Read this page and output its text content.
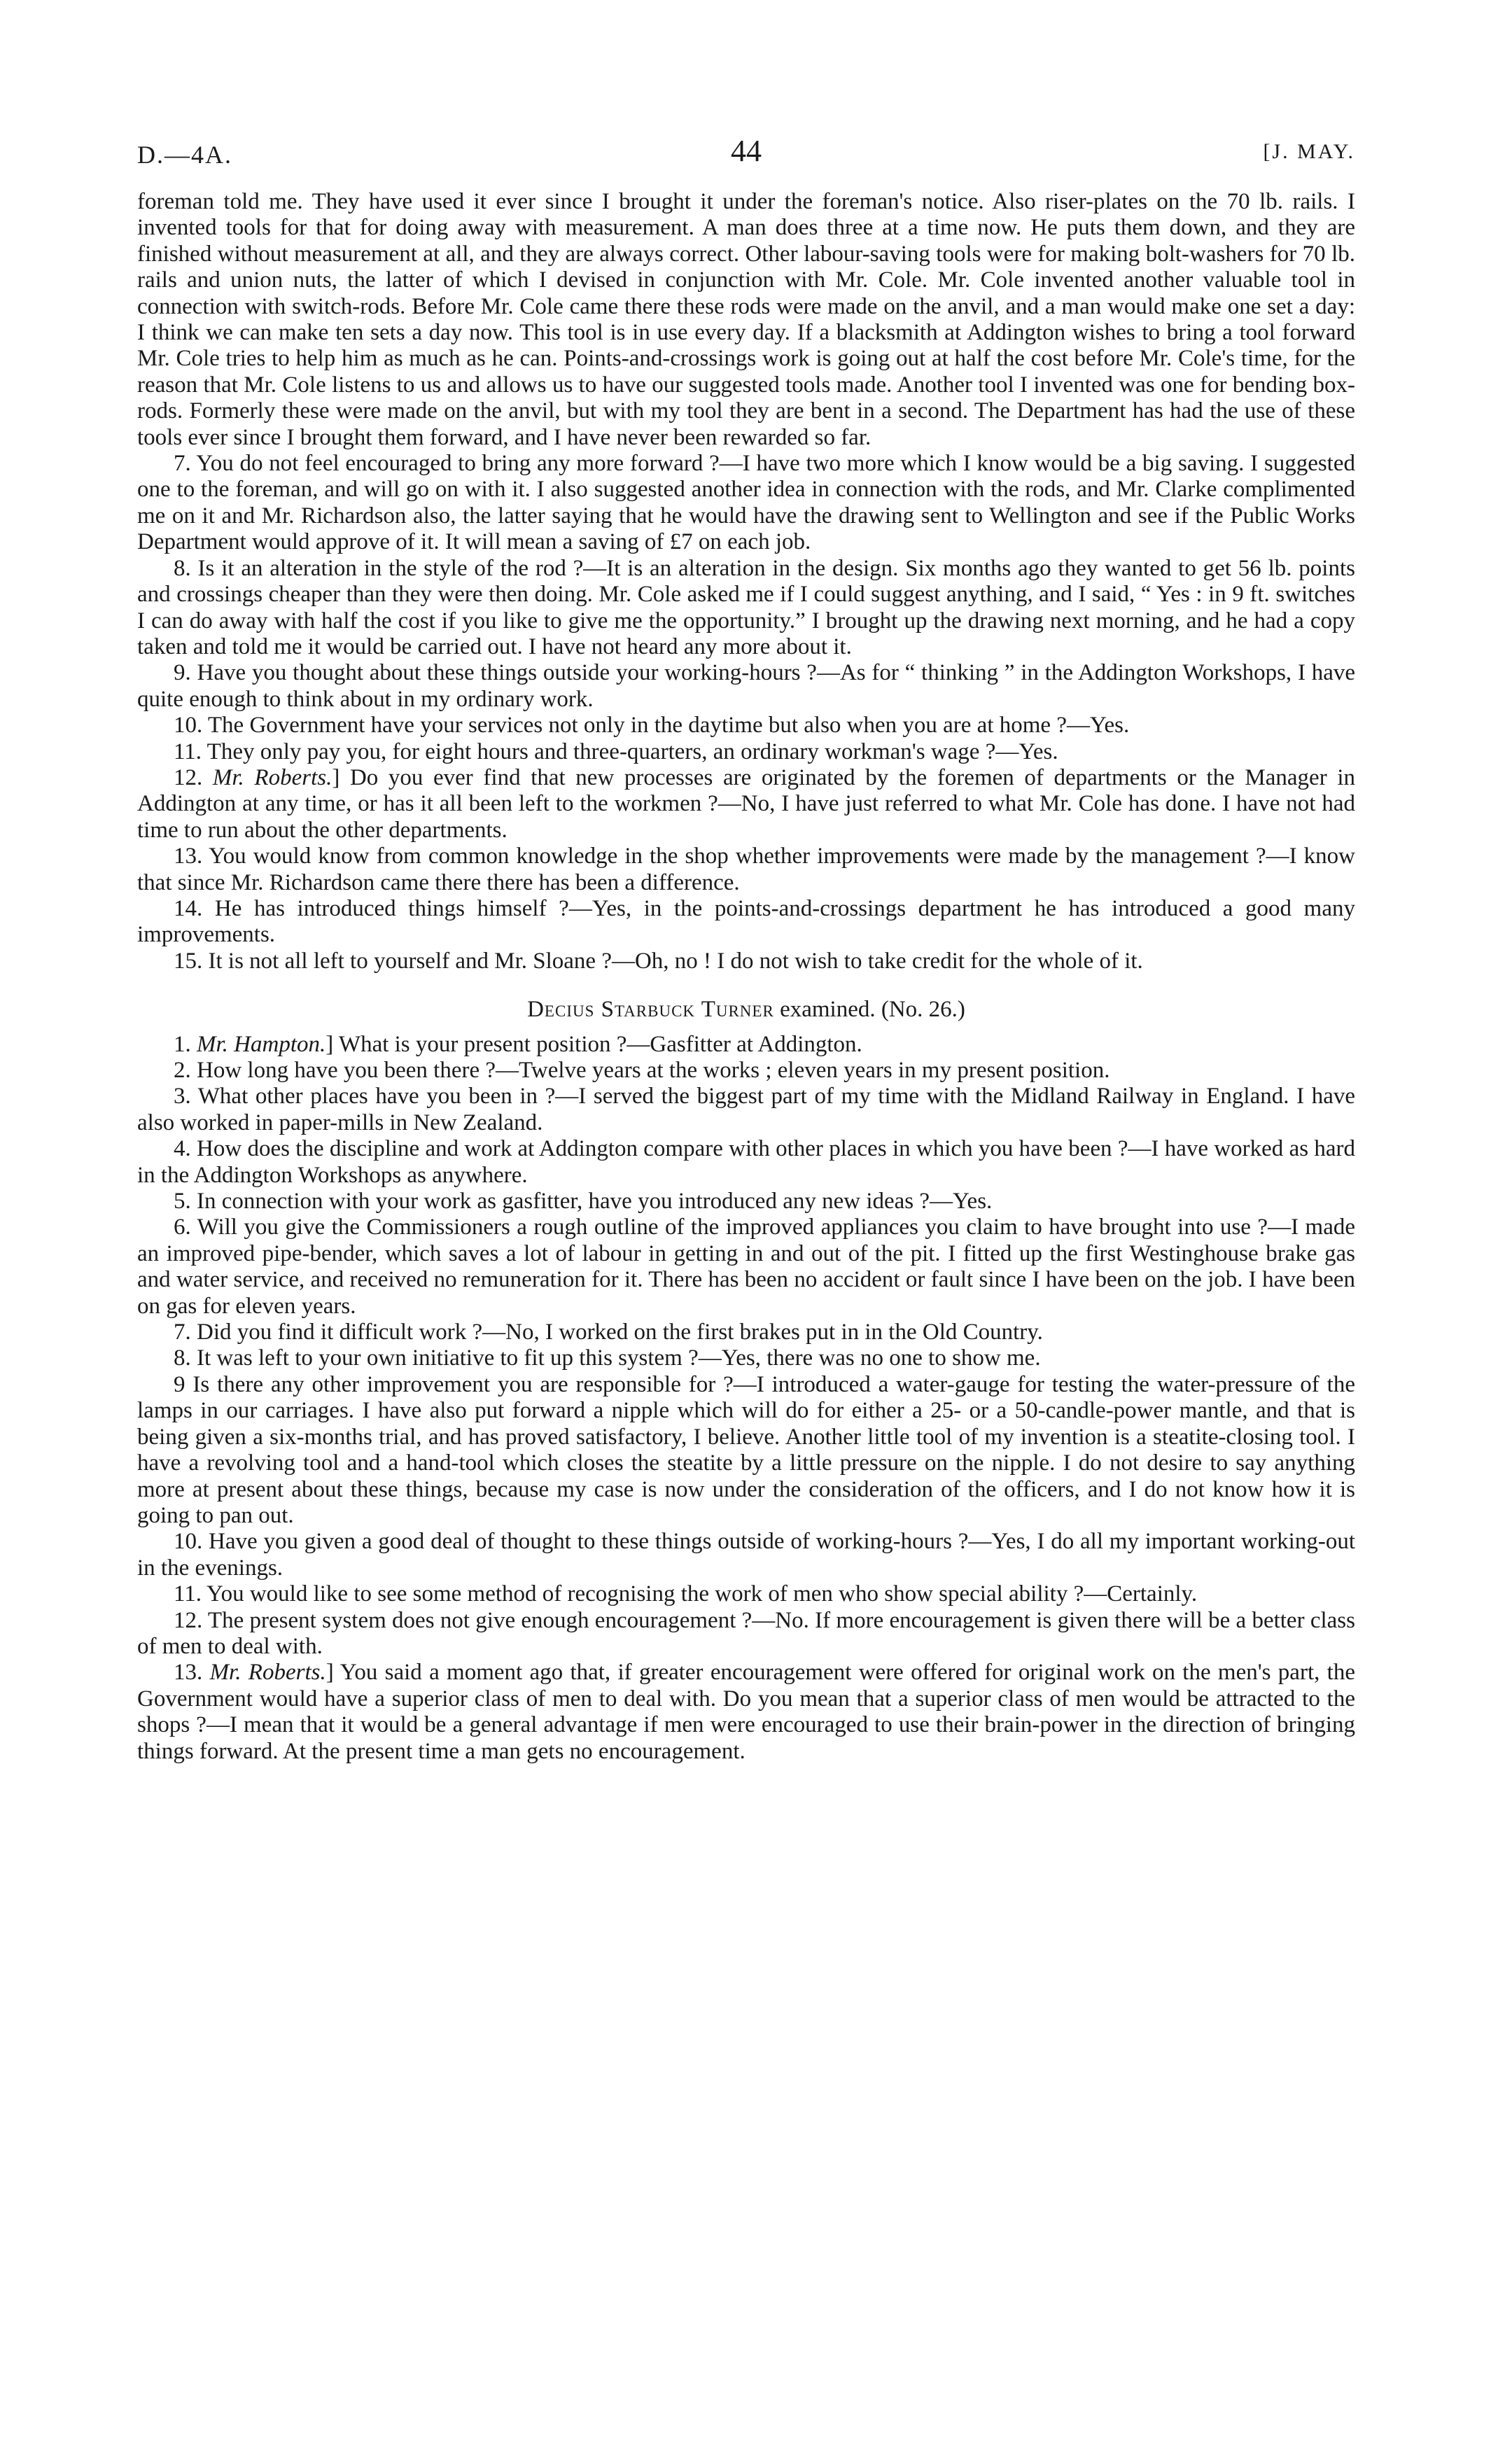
D.—4A.	44	[J. MAY.

foreman told me. They have used it ever since I brought it under the foreman's notice. Also riser-plates on the 70 lb. rails. I invented tools for that for doing away with measurement. A man does three at a time now. He puts them down, and they are finished without measurement at all, and they are always correct. Other labour-saving tools were for making bolt-washers for 70 lb. rails and union nuts, the latter of which I devised in conjunction with Mr. Cole. Mr. Cole invented another valuable tool in connection with switch-rods. Before Mr. Cole came there these rods were made on the anvil, and a man would make one set a day: I think we can make ten sets a day now. This tool is in use every day. If a blacksmith at Addington wishes to bring a tool forward Mr. Cole tries to help him as much as he can. Points-and-crossings work is going out at half the cost before Mr. Cole's time, for the reason that Mr. Cole listens to us and allows us to have our suggested tools made. Another tool I invented was one for bending box-rods. Formerly these were made on the anvil, but with my tool they are bent in a second. The Department has had the use of these tools ever since I brought them forward, and I have never been rewarded so far.

7. You do not feel encouraged to bring any more forward ?—I have two more which I know would be a big saving. I suggested one to the foreman, and will go on with it. I also suggested another idea in connection with the rods, and Mr. Clarke complimented me on it and Mr. Richardson also, the latter saying that he would have the drawing sent to Wellington and see if the Public Works Department would approve of it. It will mean a saving of £7 on each job.

8. Is it an alteration in the style of the rod ?—It is an alteration in the design. Six months ago they wanted to get 56 lb. points and crossings cheaper than they were then doing. Mr. Cole asked me if I could suggest anything, and I said, “ Yes : in 9 ft. switches I can do away with half the cost if you like to give me the opportunity.” I brought up the drawing next morning, and he had a copy taken and told me it would be carried out. I have not heard any more about it.

9. Have you thought about these things outside your working-hours ?—As for “ thinking ” in the Addington Workshops, I have quite enough to think about in my ordinary work.

10. The Government have your services not only in the daytime but also when you are at home ?—Yes.

11. They only pay you, for eight hours and three-quarters, an ordinary workman's wage ?—Yes.

12. Mr. Roberts.] Do you ever find that new processes are originated by the foremen of departments or the Manager in Addington at any time, or has it all been left to the workmen ?—No, I have just referred to what Mr. Cole has done. I have not had time to run about the other departments.

13. You would know from common knowledge in the shop whether improvements were made by the management ?—I know that since Mr. Richardson came there there has been a difference.

14. He has introduced things himself ?—Yes, in the points-and-crossings department he has introduced a good many improvements.

15. It is not all left to yourself and Mr. Sloane ?—Oh, no ! I do not wish to take credit for the whole of it.

Decius Starbuck Turner examined. (No. 26.)

1. Mr. Hampton.] What is your present position ?—Gasfitter at Addington.

2. How long have you been there ?—Twelve years at the works ; eleven years in my present position.

3. What other places have you been in ?—I served the biggest part of my time with the Midland Railway in England. I have also worked in paper-mills in New Zealand.

4. How does the discipline and work at Addington compare with other places in which you have been ?—I have worked as hard in the Addington Workshops as anywhere.

5. In connection with your work as gasfitter, have you introduced any new ideas ?—Yes.

6. Will you give the Commissioners a rough outline of the improved appliances you claim to have brought into use ?—I made an improved pipe-bender, which saves a lot of labour in getting in and out of the pit. I fitted up the first Westinghouse brake gas and water service, and received no remuneration for it. There has been no accident or fault since I have been on the job. I have been on gas for eleven years.

7. Did you find it difficult work ?—No, I worked on the first brakes put in in the Old Country.

8. It was left to your own initiative to fit up this system ?—Yes, there was no one to show me.

9 Is there any other improvement you are responsible for ?—I introduced a water-gauge for testing the water-pressure of the lamps in our carriages. I have also put forward a nipple which will do for either a 25- or a 50-candle-power mantle, and that is being given a six-months trial, and has proved satisfactory, I believe. Another little tool of my invention is a steatite-closing tool. I have a revolving tool and a hand-tool which closes the steatite by a little pressure on the nipple. I do not desire to say anything more at present about these things, because my case is now under the consideration of the officers, and I do not know how it is going to pan out.

10. Have you given a good deal of thought to these things outside of working-hours ?—Yes, I do all my important working-out in the evenings.

11. You would like to see some method of recognising the work of men who show special ability ?—Certainly.

12. The present system does not give enough encouragement ?—No. If more encouragement is given there will be a better class of men to deal with.

13. Mr. Roberts.] You said a moment ago that, if greater encouragement were offered for original work on the men's part, the Government would have a superior class of men to deal with. Do you mean that a superior class of men would be attracted to the shops ?—I mean that it would be a general advantage if men were encouraged to use their brain-power in the direction of bringing things forward. At the present time a man gets no encouragement.
